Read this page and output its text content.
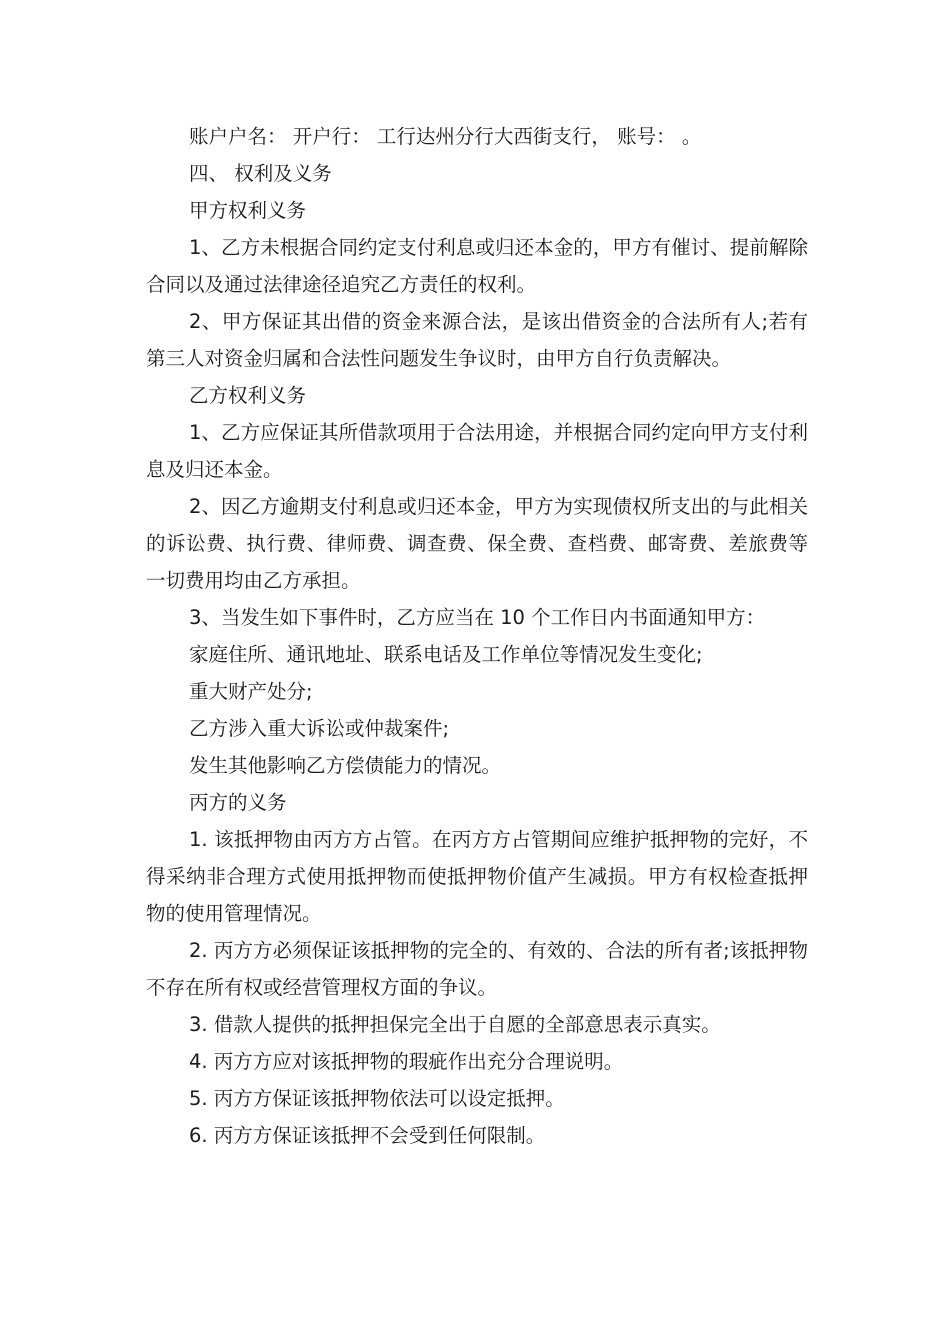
账户户名： 开户行： 工行达州分行大西街支行， 账号： 。

四、 权利及义务

甲方权利义务

1、乙方未根据合同约定支付利息或归还本金的，甲方有催讨、提前解除合同以及通过法律途径追究乙方责任的权利。

2、甲方保证其出借的资金来源合法，是该出借资金的合法所有人;若有第三人对资金归属和合法性问题发生争议时，由甲方自行负责解决。

乙方权利义务

1、乙方应保证其所借款项用于合法用途，并根据合同约定向甲方支付利息及归还本金。

2、因乙方逾期支付利息或归还本金，甲方为实现债权所支出的与此相关的诉讼费、执行费、律师费、调查费、保全费、查档费、邮寄费、差旅费等一切费用均由乙方承担。

3、当发生如下事件时，乙方应当在 10 个工作日内书面通知甲方：

家庭住所、通讯地址、联系电话及工作单位等情况发生变化;

重大财产处分;

乙方涉入重大诉讼或仲裁案件;

发生其他影响乙方偿债能力的情况。

丙方的义务

1. 该抵押物由丙方方占管。在丙方方占管期间应维护抵押物的完好，不得采纳非合理方式使用抵押物而使抵押物价值产生减损。甲方有权检查抵押物的使用管理情况。

2. 丙方方必须保证该抵押物的完全的、有效的、合法的所有者;该抵押物不存在所有权或经营管理权方面的争议。

3. 借款人提供的抵押担保完全出于自愿的全部意思表示真实。

4. 丙方方应对该抵押物的瑕疵作出充分合理说明。

5. 丙方方保证该抵押物依法可以设定抵押。

6. 丙方方保证该抵押不会受到任何限制。
